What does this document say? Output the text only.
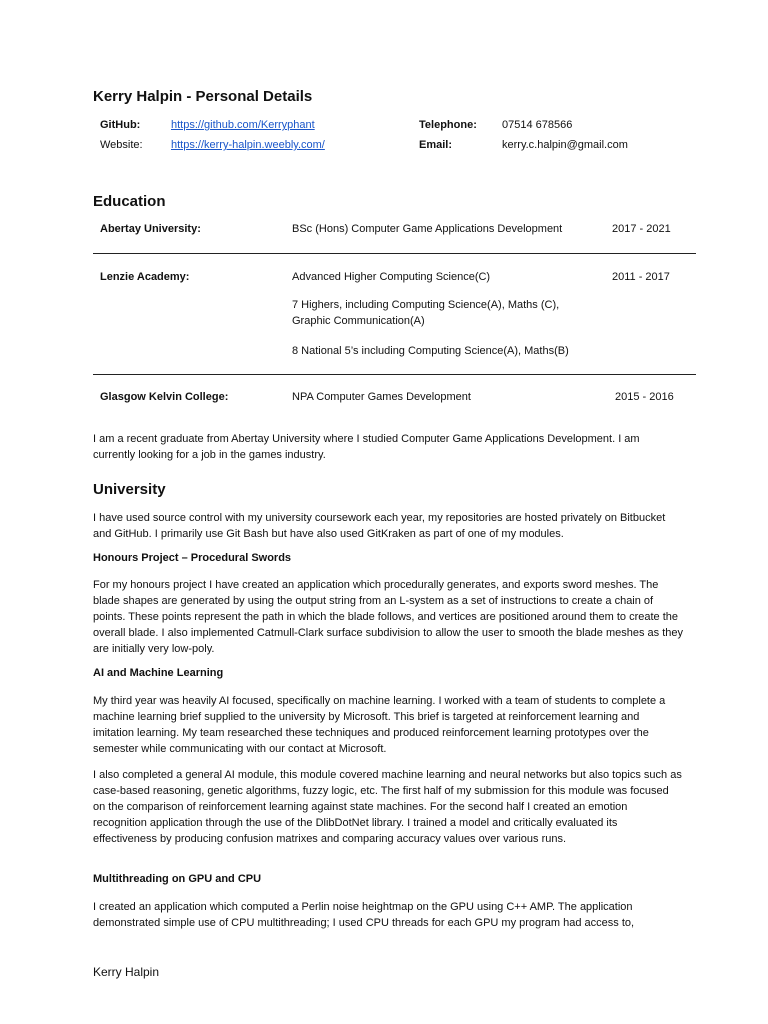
Kerry Halpin - Personal Details
GitHub:	https://github.com/Kerryphant	Telephone: 07514 678566
Website:	https://kerry-halpin.weebly.com/	Email:	kerry.c.halpin@gmail.com
Education
Abertay University:	BSc (Hons) Computer Game Applications Development	2017 - 2021
Lenzie Academy:	Advanced Higher Computing Science(C)	2011 - 2017
7 Highers, including Computing Science(A), Maths (C),
Graphic Communication(A)
8 National 5’s including Computing Science(A), Maths(B)
Glasgow Kelvin College:	NPA Computer Games Development	2015 - 2016
I am a recent graduate from Abertay University where I studied Computer Game Applications Development. I am currently looking for a job in the games industry.
University
I have used source control with my university coursework each year, my repositories are hosted privately on Bitbucket and GitHub. I primarily use Git Bash but have also used GitKraken as part of one of my modules.
Honours Project – Procedural Swords
For my honours project I have created an application which procedurally generates, and exports sword meshes. The blade shapes are generated by using the output string from an L-system as a set of instructions to create a chain of points. These points represent the path in which the blade follows, and vertices are positioned around them to create the overall blade. I also implemented Catmull-Clark surface subdivision to allow the user to smooth the blade meshes as they are initially very low-poly.
AI and Machine Learning
My third year was heavily AI focused, specifically on machine learning. I worked with a team of students to complete a machine learning brief supplied to the university by Microsoft. This brief is targeted at reinforcement learning and imitation learning. My team researched these techniques and produced reinforcement learning prototypes over the semester while communicating with our contact at Microsoft.
I also completed a general AI module, this module covered machine learning and neural networks but also topics such as case-based reasoning, genetic algorithms, fuzzy logic, etc. The first half of my submission for this module was focused on the comparison of reinforcement learning against state machines. For the second half I created an emotion recognition application through the use of the DlibDotNet library. I trained a model and critically evaluated its effectiveness by producing confusion matrixes and comparing accuracy values over various runs.
Multithreading on GPU and CPU
I created an application which computed a Perlin noise heightmap on the GPU using C++ AMP. The application demonstrated simple use of CPU multithreading; I used CPU threads for each GPU my program had access to,
Kerry Halpin
